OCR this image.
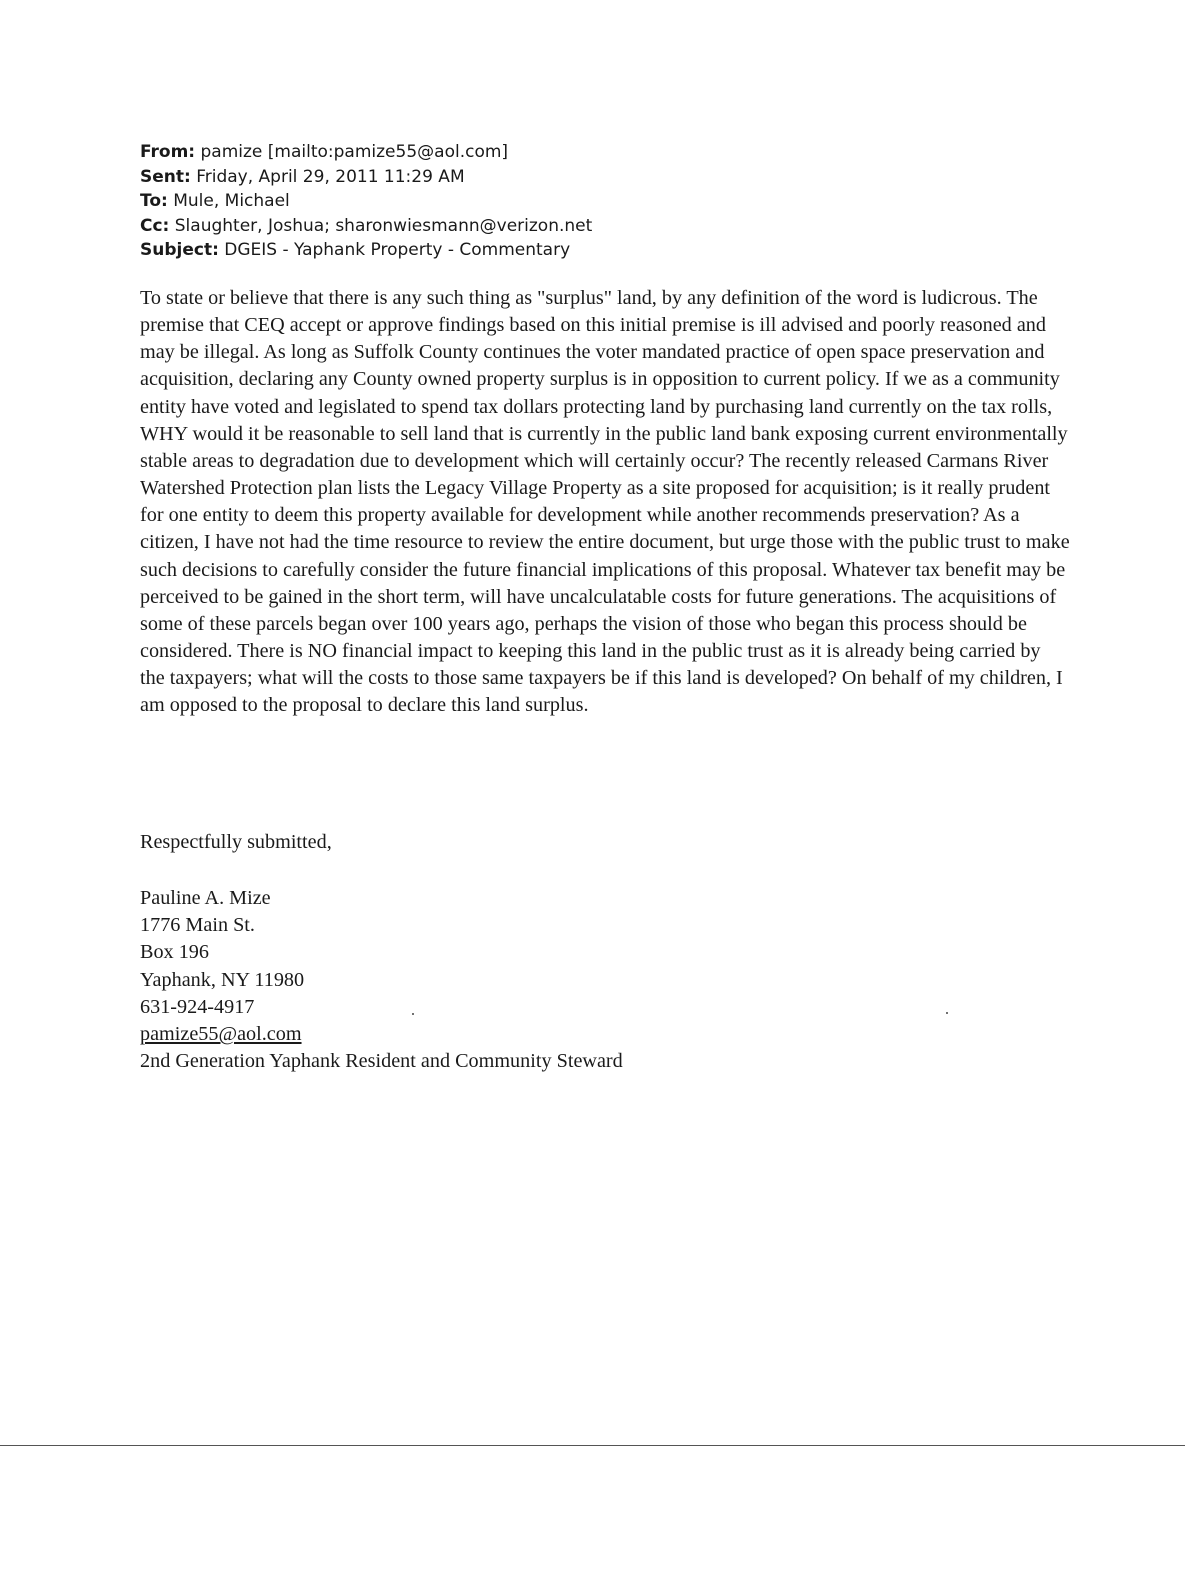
From: pamize [mailto:pamize55@aol.com]
Sent: Friday, April 29, 2011 11:29 AM
To: Mule, Michael
Cc: Slaughter, Joshua; sharonwiesmann@verizon.net
Subject: DGEIS - Yaphank Property - Commentary

To state or believe that there is any such thing as "surplus" land, by any definition of the word is ludicrous. The premise that CEQ accept or approve findings based on this initial premise is ill advised and poorly reasoned and may be illegal. As long as Suffolk County continues the voter mandated practice of open space preservation and acquisition, declaring any County owned property surplus is in opposition to current policy. If we as a community entity have voted and legislated to spend tax dollars protecting land by purchasing land currently on the tax rolls, WHY would it be reasonable to sell land that is currently in the public land bank exposing current environmentally stable areas to degradation due to development which will certainly occur? The recently released Carmans River Watershed Protection plan lists the Legacy Village Property as a site proposed for acquisition; is it really prudent for one entity to deem this property available for development while another recommends preservation? As a citizen, I have not had the time resource to review the entire document, but urge those with the public trust to make such decisions to carefully consider the future financial implications of this proposal. Whatever tax benefit may be perceived to be gained in the short term, will have uncalculatable costs for future generations. The acquisitions of some of these parcels began over 100 years ago, perhaps the vision of those who began this process should be considered. There is NO financial impact to keeping this land in the public trust as it is already being carried by the taxpayers; what will the costs to those same taxpayers be if this land is developed? On behalf of my children, I am opposed to the proposal to declare this land surplus.

Respectfully submitted,
Pauline A. Mize
1776 Main St.
Box 196
Yaphank, NY 11980
631-924-4917
pamize55@aol.com
2nd Generation Yaphank Resident and Community Steward
